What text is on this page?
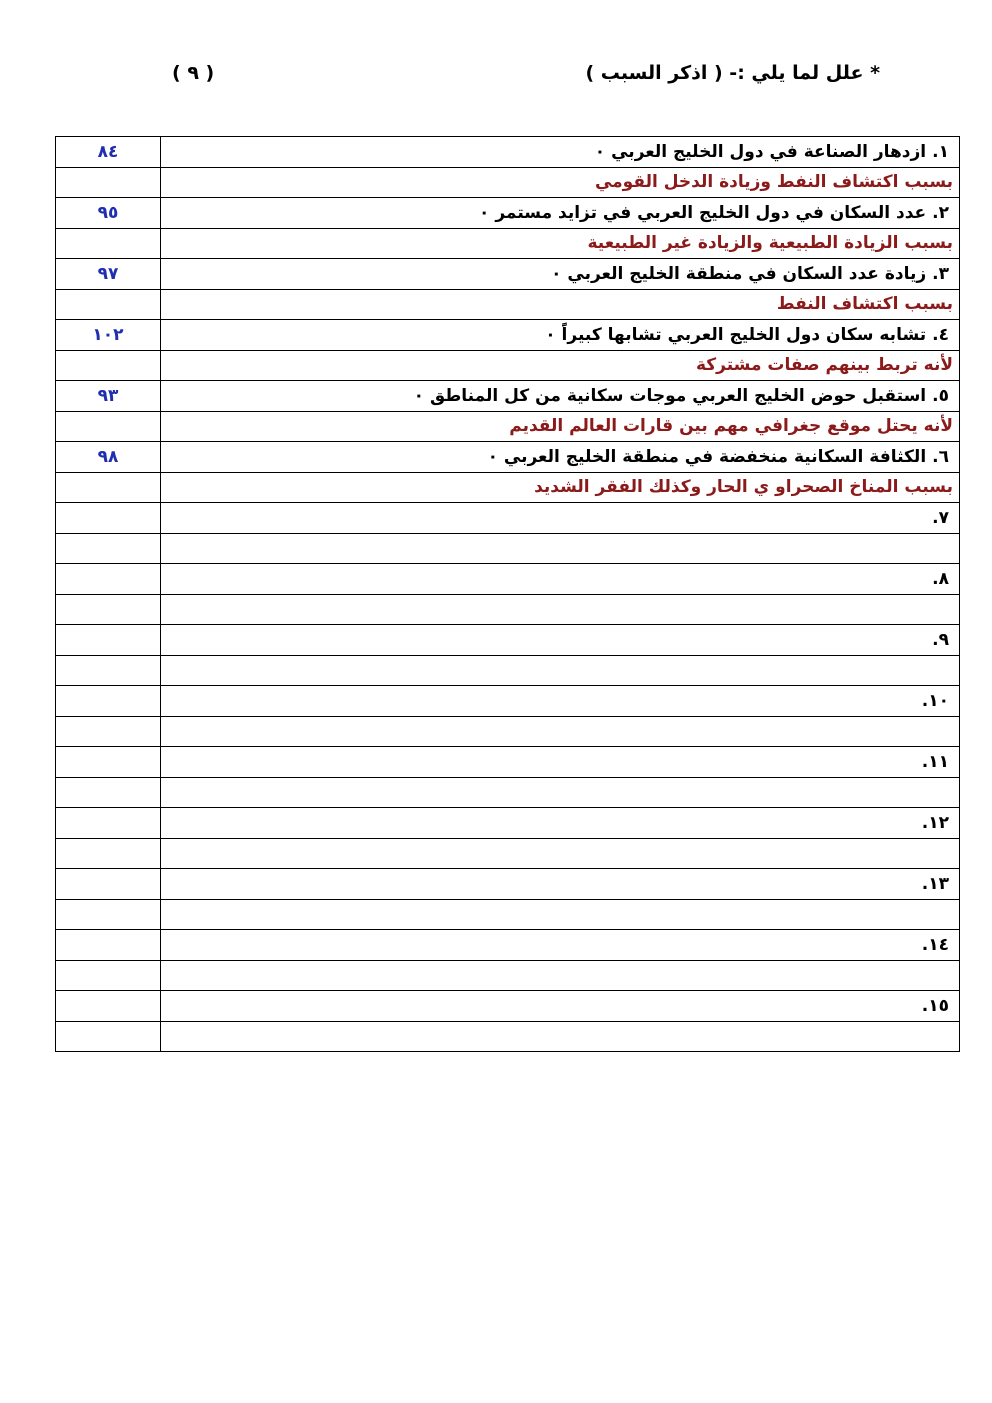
* علل لما يلي :- ( اذكر السبب )
( ٩ )
١.ازدهار الصناعة في دول الخليج العربي ٠	٨٤
بسبب اكتشاف النفط وزيادة الدخل القومي	
٢.عدد السكان في دول الخليج العربي في تزايد مستمر ٠	٩٥
بسبب الزيادة الطبيعية والزيادة غير الطبيعية	
٣.زيادة عدد السكان في منطقة الخليج العربي ٠	٩٧
بسبب اكتشاف النفط	
٤.تشابه سكان دول الخليج العربي تشابها كبيراًَ ٠	١٠٢
لأنه تربط بينهم صفات مشتركة	
٥.استقبل حوض الخليج العربي موجات سكانية من كل المناطق ٠	٩٣
لأنه يحتل موقع جغرافي مهم بين قارات العالم القديم	
٦.الكثافة السكانية منخفضة في منطقة الخليج العربي ٠	٩٨
بسبب المناخ الصحراو ي الحار وكذلك الفقر الشديد	
٧.	

٨.	

٩.	

١٠.	

١١.	

١٢.	

١٣.	

١٤.	

١٥.	
